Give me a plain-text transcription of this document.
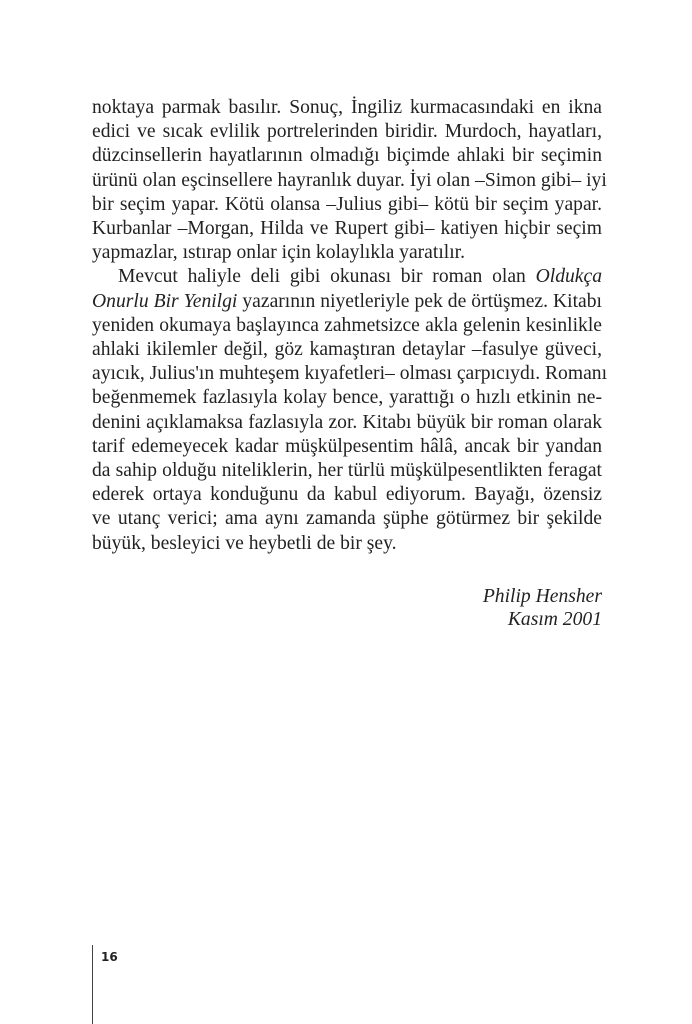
noktaya parmak basılır. Sonuç, İngiliz kurmacasındaki en ikna
edici ve sıcak evlilik portrelerinden biridir. Murdoch, hayatları,
düzcinsellerin hayatlarının olmadığı biçimde ahlaki bir seçimin
ürünü olan eşcinsellere hayranlık duyar. İyi olan –Simon gibi– iyi
bir seçim yapar. Kötü olansa –Julius gibi– kötü bir seçim yapar.
Kurbanlar –Morgan, Hilda ve Rupert gibi– katiyen hiçbir seçim
yapmazlar, ıstırap onlar için kolaylıkla yaratılır.
Mevcut haliyle deli gibi okunası bir roman olan Oldukça
Onurlu Bir Yenilgi yazarının niyetleriyle pek de örtüşmez. Kitabı
yeniden okumaya başlayınca zahmetsizce akla gelenin kesinlikle
ahlaki ikilemler değil, göz kamaştıran detaylar –fasulye güveci,
ayıcık, Julius'ın muhteşem kıyafetleri– olması çarpıcıydı. Romanı
beğenmemek fazlasıyla kolay bence, yarattığı o hızlı etkinin ne-
denini açıklamaksa fazlasıyla zor. Kitabı büyük bir roman olarak
tarif edemeyecek kadar müşkülpesentim hâlâ, ancak bir yandan
da sahip olduğu niteliklerin, her türlü müşkülpesentlikten feragat
ederek ortaya konduğunu da kabul ediyorum. Bayağı, özensiz
ve utanç verici; ama aynı zamanda şüphe götürmez bir şekilde
büyük, besleyici ve heybetli de bir şey.
Philip Hensher
Kasım 2001
16
